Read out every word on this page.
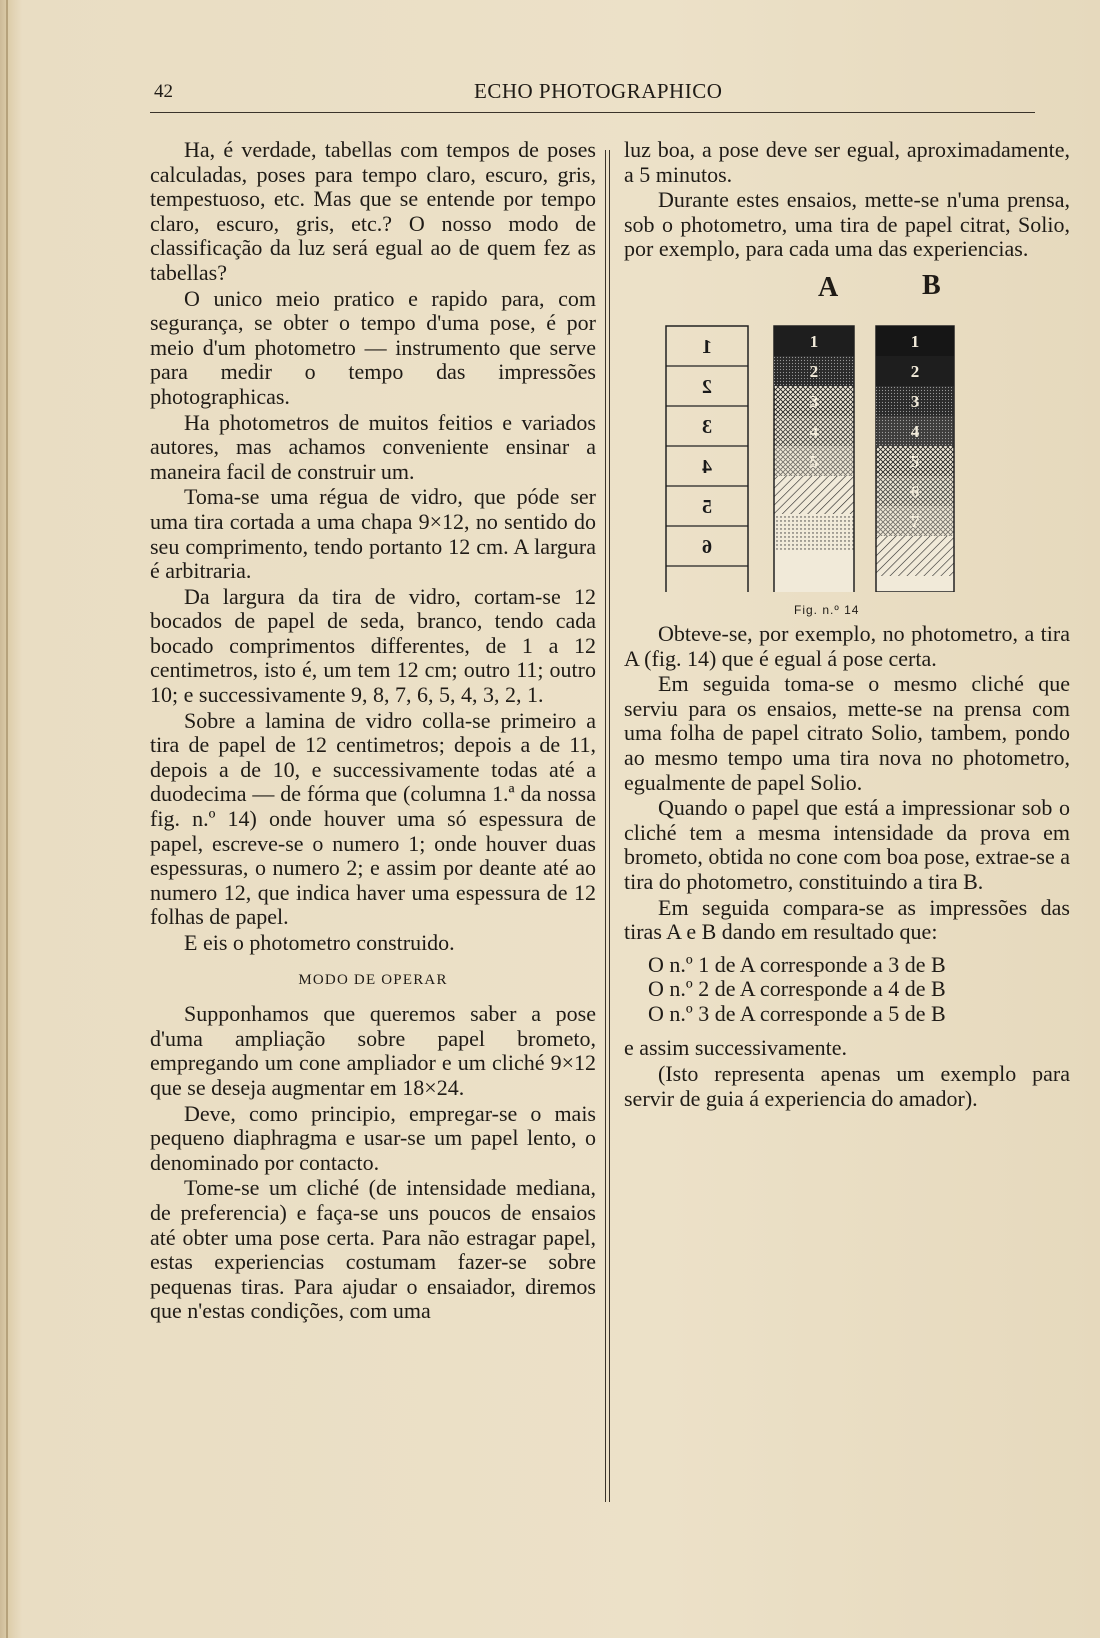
42	ECHO PHOTOGRAPHICO

Ha, é verdade, tabellas com tempos de poses calculadas, poses para tempo claro, escuro, gris, tempestuoso, etc. Mas que se entende por tempo claro, escuro, gris, etc.? O nosso modo de classificação da luz será egual ao de quem fez as tabellas?

O unico meio pratico e rapido para, com segurança, se obter o tempo d'uma pose, é por meio d'um photometro — instrumento que serve para medir o tempo das impressões photographicas.

Ha photometros de muitos feitios e variados autores, mas achamos conveniente ensinar a maneira facil de construir um.

Toma-se uma régua de vidro, que póde ser uma tira cortada a uma chapa 9×12, no sentido do seu comprimento, tendo portanto 12 cm. A largura é arbitraria.

Da largura da tira de vidro, cortam-se 12 bocados de papel de seda, branco, tendo cada bocado comprimentos differentes, de 1 a 12 centimetros, isto é, um tem 12 cm; outro 11; outro 10; e successivamente 9, 8, 7, 6, 5, 4, 3, 2, 1.

Sobre a lamina de vidro colla-se primeiro a tira de papel de 12 centimetros; depois a de 11, depois a de 10, e successivamente todas até a duodecima — de fórma que (columna 1.ª da nossa fig. n.º 14) onde houver uma só espessura de papel, escreve-se o numero 1; onde houver duas espessuras, o numero 2; e assim por deante até ao numero 12, que indica haver uma espessura de 12 folhas de papel.

E eis o photometro construido.

MODO DE OPERAR

Supponhamos que queremos saber a pose d'uma ampliação sobre papel brometo, empregando um cone ampliador e um cliché 9×12 que se deseja augmentar em 18×24.

Deve, como principio, empregar-se o mais pequeno diaphragma e usar-se um papel lento, o denominado por contacto.

Tome-se um cliché (de intensidade mediana, de preferencia) e faça-se uns poucos de ensaios até obter uma pose certa. Para não estragar papel, estas experiencias costumam fazer-se sobre pequenas tiras. Para ajudar o ensaiador, diremos que n'estas condições, com uma

luz boa, a pose deve ser egual, aproximadamente, a 5 minutos.

Durante estes ensaios, mette-se n'uma prensa, sob o photometro, uma tira de papel citrat, Solio, por exemplo, para cada uma das experiencias.

A	B
1
2
3
4
5
6
1
2
3
4
5
1
2
3
4
5
6
7
Fig. n.º 14

Obteve-se, por exemplo, no photometro, a tira A (fig. 14) que é egual á pose certa.

Em seguida toma-se o mesmo cliché que serviu para os ensaios, mette-se na prensa com uma folha de papel citrato Solio, tambem, pondo ao mesmo tempo uma tira nova no photometro, egualmente de papel Solio.

Quando o papel que está a impressionar sob o cliché tem a mesma intensidade da prova em brometo, obtida no cone com boa pose, extrae-se a tira do photometro, constituindo a tira B.

Em seguida compara-se as impressões das tiras A e B dando em resultado que:

O n.º 1 de A corresponde a 3 de B

O n.º 2 de A corresponde a 4 de B

O n.º 3 de A corresponde a 5 de B

e assim successivamente.

(Isto representa apenas um exemplo para servir de guia á experiencia do amador).
